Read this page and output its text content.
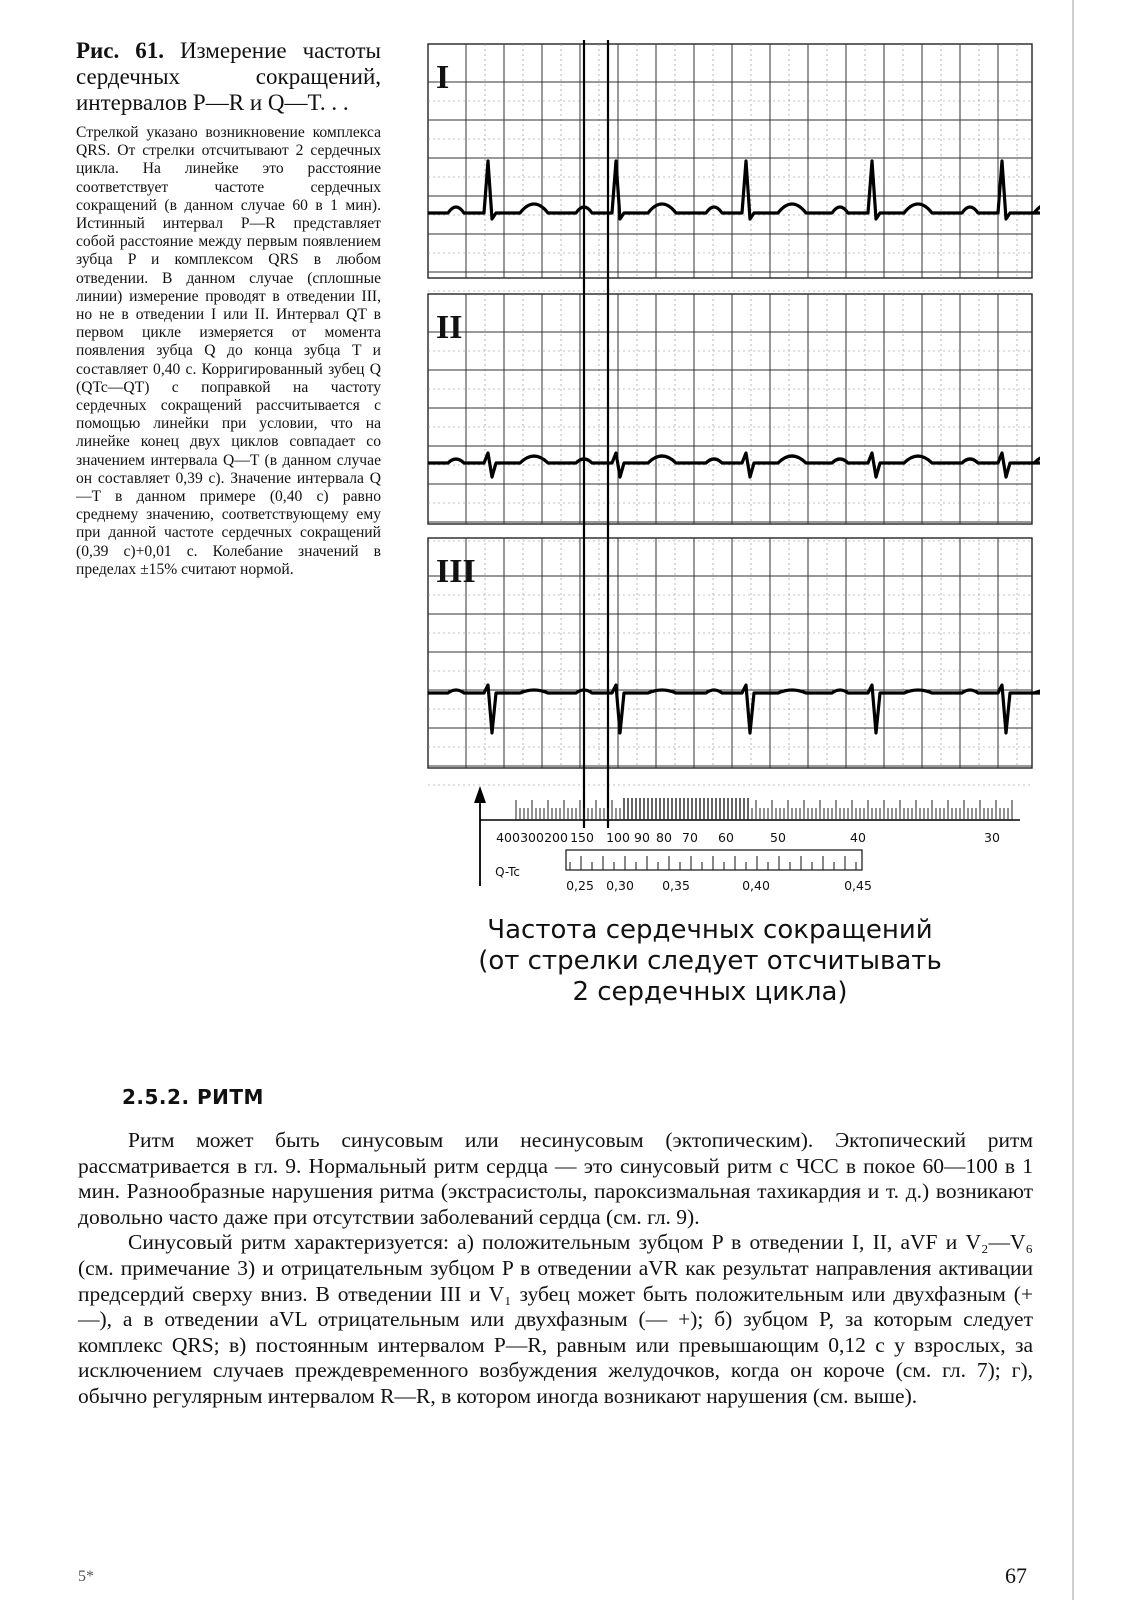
Рис. 61. Измерение частоты сердечных сокращений, интервалов P—R и Q—T. . .

Стрелкой указано возникновение комплекса QRS. От стрелки отсчитывают 2 сердечных цикла. На линейке это расстояние соответствует частоте сердечных сокращений (в данном случае 60 в 1 мин). Истинный интервал P—R представляет собой расстояние между первым появлением зубца P и комплексом QRS в любом отведении. В данном случае (сплошные линии) измерение проводят в отведении III, но не в отведении I или II. Интервал QT в первом цикле измеряется от момента появления зубца Q до конца зубца T и составляет 0,40 с. Корригированный зубец Q (QTc—QT) с поправкой на частоту сердечных сокращений рассчитывается с помощью линейки при условии, что на линейке конец двух циклов совпадает со значением интервала Q—T (в данном случае он составляет 0,39 с). Значение интервала Q—T в данном примере (0,40 с) равно среднему значению, соответствующему ему при данной частоте сердечных сокращений (0,39 с)+0,01 с. Колебание значений в пределах ±15% считают нормой.

I
II
III
400 300 200 150 100 90 80 70 60	50	40	30
Q-Tc
0,25 0,30 0,35	0,40	0,45
Частота сердечных сокращений
(от стрелки следует отсчитывать
2 сердечных цикла)
2.5.2. РИТМ

Ритм может быть синусовым или несинусовым (эктопическим). Эктопический ритм рассматривается в гл. 9. Нормальный ритм сердца — это синусовый ритм с ЧСС в покое 60—100 в 1 мин. Разнообразные нарушения ритма (экстрасистолы, пароксизмальная тахикардия и т. д.) возникают довольно часто даже при отсутствии заболеваний сердца (см. гл. 9).

Синусовый ритм характеризуется: а) положительным зубцом P в отведении I, II, aVF и V₂—V₆ (см. примечание 3) и отрицательным зубцом P в отведении aVR как результат направления активации предсердий сверху вниз. В отведении III и V₁ зубец может быть положительным или двухфазным (+ —), а в отведении aVL отрицательным или двухфазным (— +); б) зубцом P, за которым следует комплекс QRS; в) постоянным интервалом P—R, равным или превышающим 0,12 с у взрослых, за исключением случаев преждевременного возбуждения желудочков, когда он короче (см. гл. 7); г), обычно регулярным интервалом R—R, в котором иногда возникают нарушения (см. выше).

5*	67
